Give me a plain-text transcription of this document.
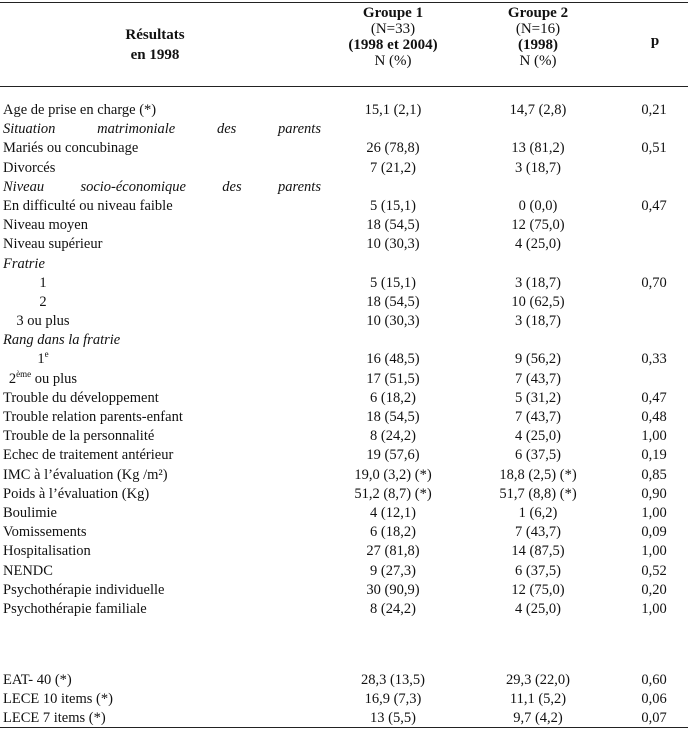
Résultats
en 1998
Groupe 1
(N=33)
(1998 et 2004)
N (%)
Groupe 2
(N=16)
(1998)
N (%)
p
Age de prise en charge (*)	15,1 (2,1)	14,7 (2,8)	0,21
Situation	matrimoniale	des	parents
Mariés ou concubinage	26 (78,8)	13 (81,2)	0,51
Divorcés	7 (21,2)	3 (18,7)
Niveau	socio-économique	des	parents
En difficulté ou niveau faible	5 (15,1)	0 (0,0)	0,47
Niveau moyen	18 (54,5)	12 (75,0)
Niveau supérieur	10 (30,3)	4 (25,0)
Fratrie
1	5 (15,1)	3 (18,7)	0,70
2	18 (54,5)	10 (62,5)
3 ou plus	10 (30,3)	3 (18,7)
Rang dans la fratrie
1e	16 (48,5)	9 (56,2)	0,33
2ème ou plus	17 (51,5)	7 (43,7)
Trouble du développement	6 (18,2)	5 (31,2)	0,47
Trouble relation parents-enfant	18 (54,5)	7 (43,7)	0,48
Trouble de la personnalité	8 (24,2)	4 (25,0)	1,00
Echec de traitement antérieur	19 (57,6)	6 (37,5)	0,19
IMC à l’évaluation (Kg /m²)	19,0 (3,2) (*)	18,8 (2,5) (*)	0,85
Poids à l’évaluation (Kg)	51,2 (8,7) (*)	51,7 (8,8) (*)	0,90
Boulimie	4 (12,1)	1 (6,2)	1,00
Vomissements	6 (18,2)	7 (43,7)	0,09
Hospitalisation	27 (81,8)	14 (87,5)	1,00
NENDC	9 (27,3)	6 (37,5)	0,52
Psychothérapie individuelle	30 (90,9)	12 (75,0)	0,20
Psychothérapie familiale	8 (24,2)	4 (25,0)	1,00
EAT- 40 (*)	28,3 (13,5)	29,3 (22,0)	0,60
LECE 10 items (*)	16,9 (7,3)	11,1 (5,2)	0,06
LECE 7 items (*)	13 (5,5)	9,7 (4,2)	0,07
